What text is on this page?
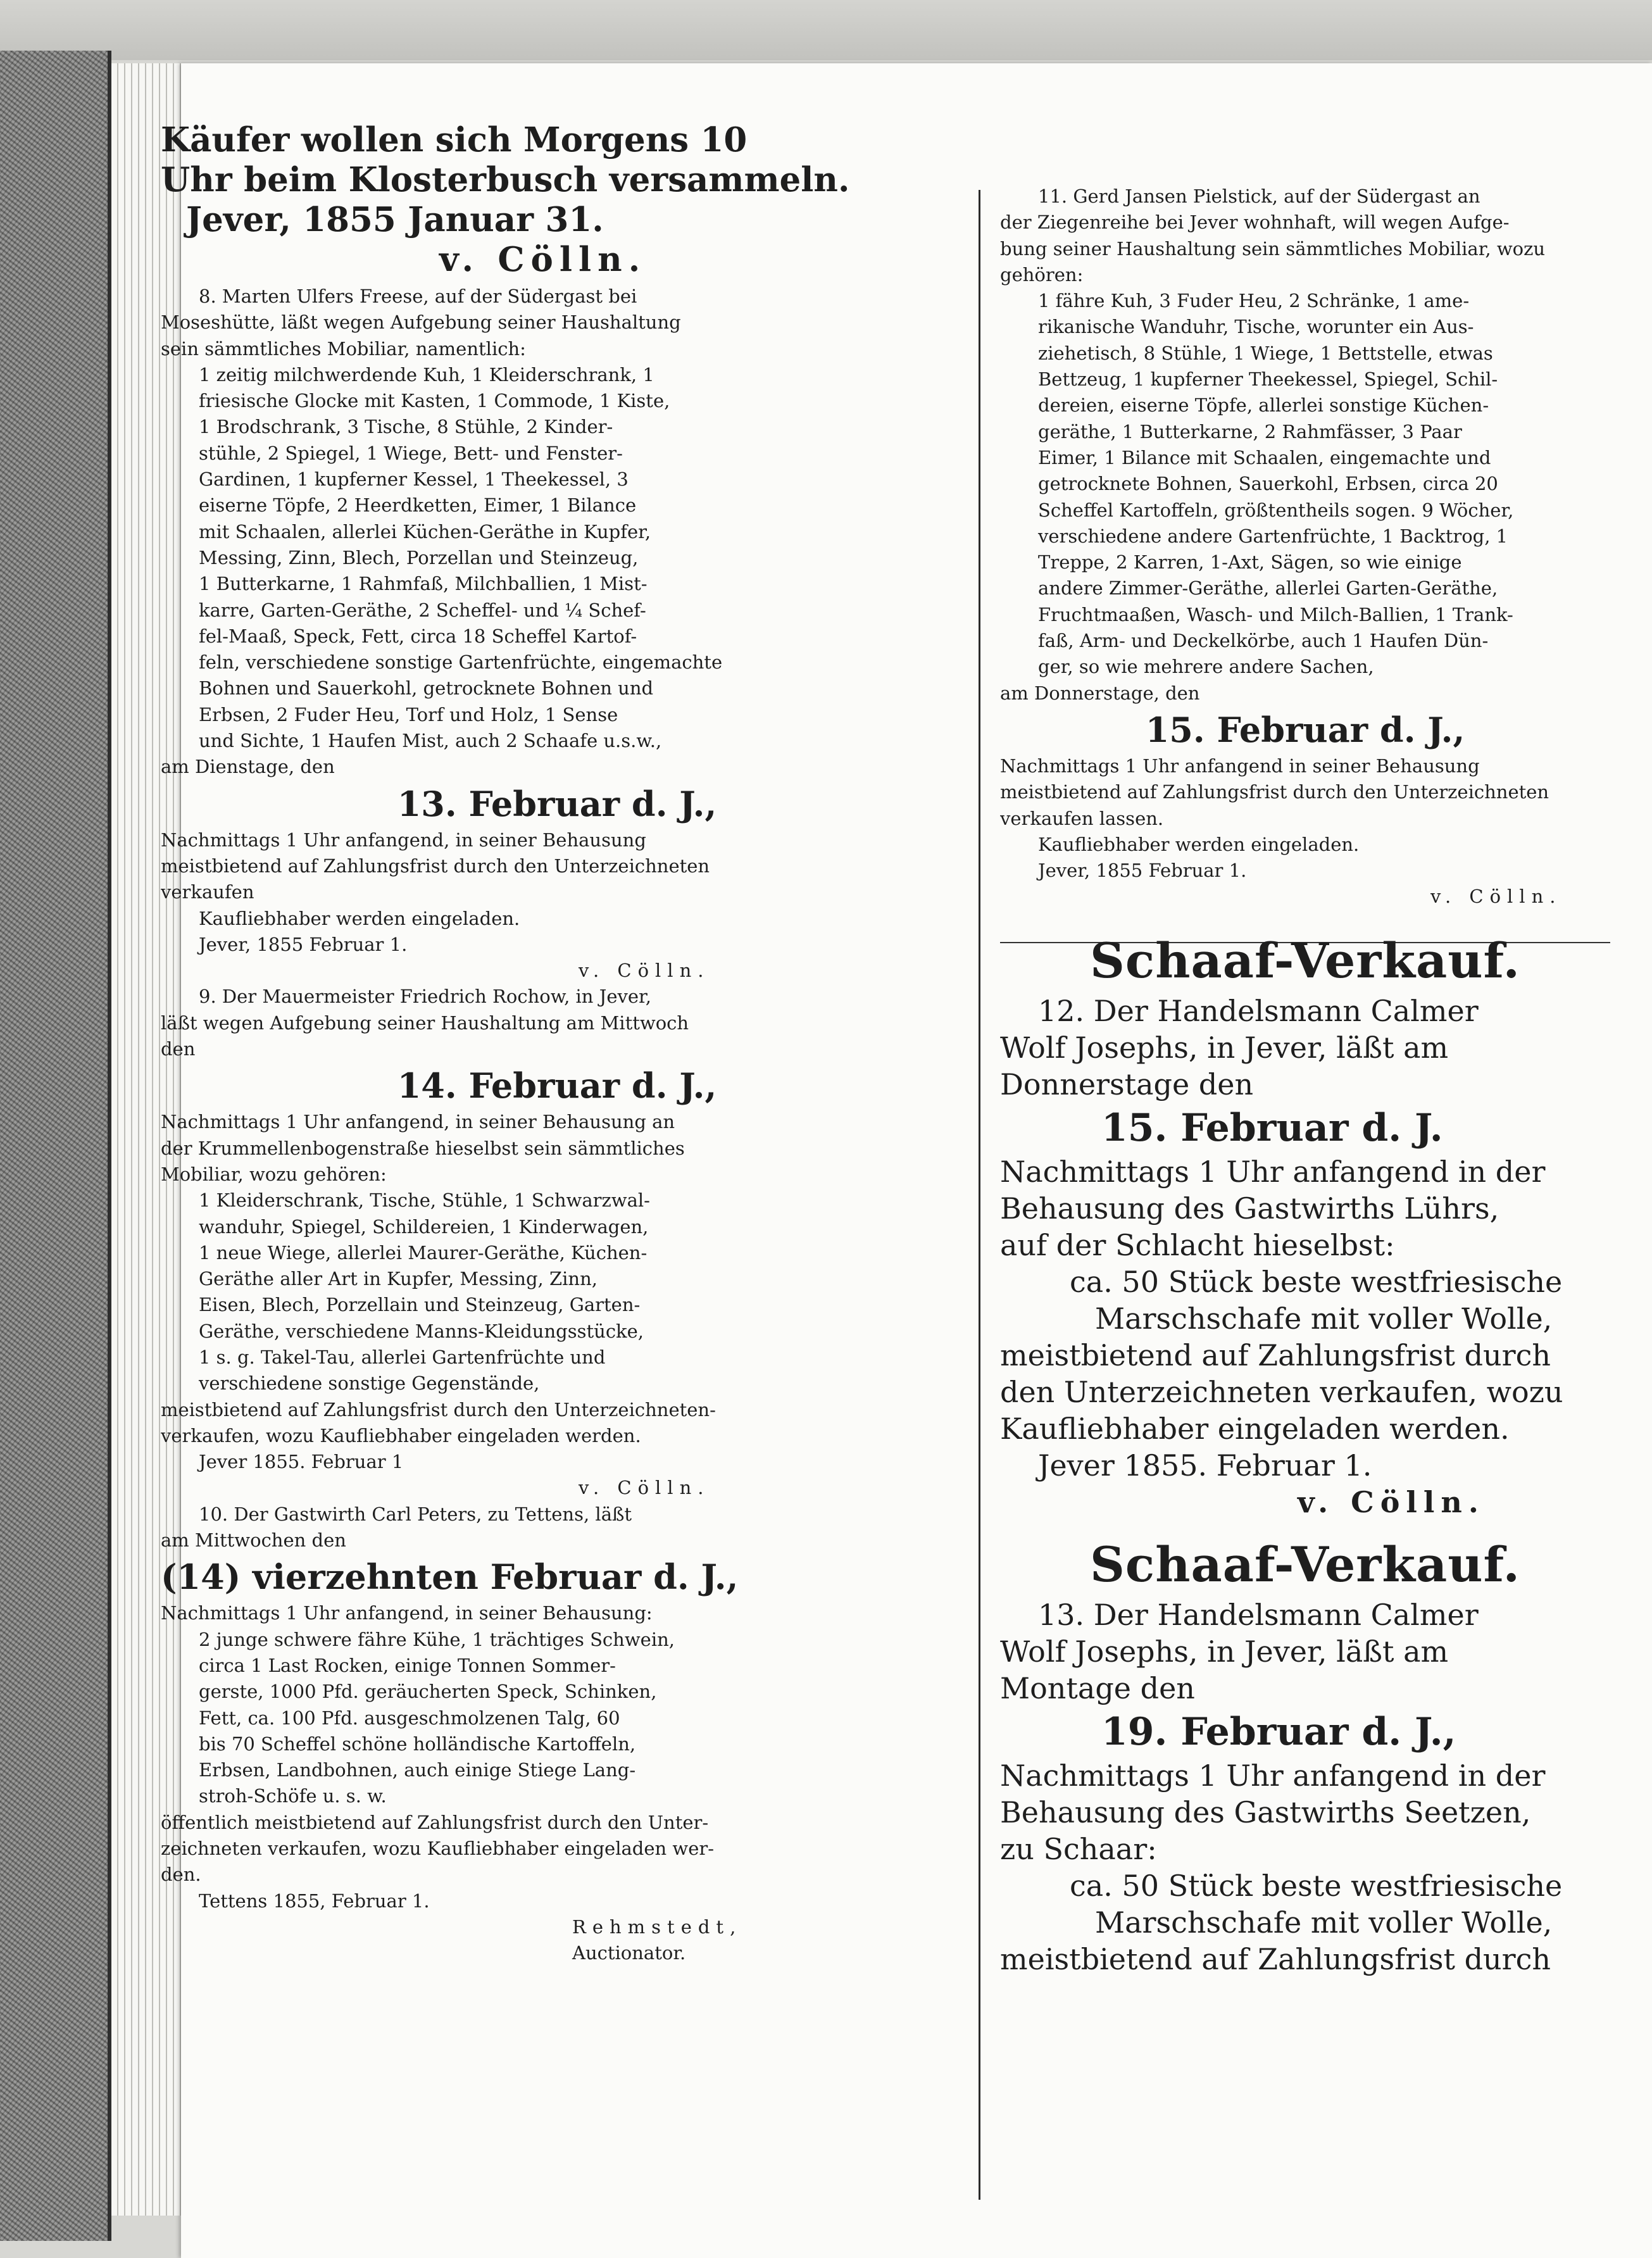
Käufer wollen sich Morgens 10
Uhr beim Klosterbusch versammeln.
Jever, 1855 Januar 31.
v. Cölln.
8. Marten Ulfers Freese, auf der Südergast bei
Moseshütte, läßt wegen Aufgebung seiner Haushaltung
sein sämmtliches Mobiliar, namentlich:
1 zeitig milchwerdende Kuh, 1 Kleiderschrank, 1
friesische Glocke mit Kasten, 1 Commode, 1 Kiste,
1 Brodschrank, 3 Tische, 8 Stühle, 2 Kinder-
stühle, 2 Spiegel, 1 Wiege, Bett- und Fenster-
Gardinen, 1 kupferner Kessel, 1 Theekessel, 3
eiserne Töpfe, 2 Heerdketten, Eimer, 1 Bilance
mit Schaalen, allerlei Küchen-Geräthe in Kupfer,
Messing, Zinn, Blech, Porzellan und Steinzeug,
1 Butterkarne, 1 Rahmfaß, Milchballien, 1 Mist-
karre, Garten-Geräthe, 2 Scheffel- und ¼ Schef-
fel-Maaß, Speck, Fett, circa 18 Scheffel Kartof-
feln, verschiedene sonstige Gartenfrüchte, eingemachte
Bohnen und Sauerkohl, getrocknete Bohnen und
Erbsen, 2 Fuder Heu, Torf und Holz, 1 Sense
und Sichte, 1 Haufen Mist, auch 2 Schaafe u.s.w.,
am Dienstage, den
13. Februar d. J.,
Nachmittags 1 Uhr anfangend, in seiner Behausung
meistbietend auf Zahlungsfrist durch den Unterzeichneten
verkaufen
Kaufliebhaber werden eingeladen.
Jever, 1855 Februar 1.
v. Cölln.
9. Der Mauermeister Friedrich Rochow, in Jever,
läßt wegen Aufgebung seiner Haushaltung am Mittwoch
den
14. Februar d. J.,
Nachmittags 1 Uhr anfangend, in seiner Behausung an
der Krummellenbogenstraße hieselbst sein sämmtliches
Mobiliar, wozu gehören:
1 Kleiderschrank, Tische, Stühle, 1 Schwarzwal-
wanduhr, Spiegel, Schildereien, 1 Kinderwagen,
1 neue Wiege, allerlei Maurer-Geräthe, Küchen-
Geräthe aller Art in Kupfer, Messing, Zinn,
Eisen, Blech, Porzellain und Steinzeug, Garten-
Geräthe, verschiedene Manns-Kleidungsstücke,
1 s. g. Takel-Tau, allerlei Gartenfrüchte und
verschiedene sonstige Gegenstände,
meistbietend auf Zahlungsfrist durch den Unterzeichneten-
verkaufen, wozu Kaufliebhaber eingeladen werden.
Jever 1855. Februar 1
v. Cölln.
10. Der Gastwirth Carl Peters, zu Tettens, läßt
am Mittwochen den
(14) vierzehnten Februar d. J.,
Nachmittags 1 Uhr anfangend, in seiner Behausung:
2 junge schwere fähre Kühe, 1 trächtiges Schwein,
circa 1 Last Rocken, einige Tonnen Sommer-
gerste, 1000 Pfd. geräucherten Speck, Schinken,
Fett, ca. 100 Pfd. ausgeschmolzenen Talg, 60
bis 70 Scheffel schöne holländische Kartoffeln,
Erbsen, Landbohnen, auch einige Stiege Lang-
stroh-Schöfe u. s. w.
öffentlich meistbietend auf Zahlungsfrist durch den Unter-
zeichneten verkaufen, wozu Kaufliebhaber eingeladen wer-
den.
Tettens 1855, Februar 1.
Rehmstedt,
Auctionator.
11. Gerd Jansen Pielstick, auf der Südergast an
der Ziegenreihe bei Jever wohnhaft, will wegen Aufge-
bung seiner Haushaltung sein sämmtliches Mobiliar, wozu
gehören:
1 fähre Kuh, 3 Fuder Heu, 2 Schränke, 1 ame-
rikanische Wanduhr, Tische, worunter ein Aus-
ziehetisch, 8 Stühle, 1 Wiege, 1 Bettstelle, etwas
Bettzeug, 1 kupferner Theekessel, Spiegel, Schil-
dereien, eiserne Töpfe, allerlei sonstige Küchen-
geräthe, 1 Butterkarne, 2 Rahmfässer, 3 Paar
Eimer, 1 Bilance mit Schaalen, eingemachte und
getrocknete Bohnen, Sauerkohl, Erbsen, circa 20
Scheffel Kartoffeln, größtentheils sogen. 9 Wöcher,
verschiedene andere Gartenfrüchte, 1 Backtrog, 1
Treppe, 2 Karren, 1-Axt, Sägen, so wie einige
andere Zimmer-Geräthe, allerlei Garten-Geräthe,
Fruchtmaaßen, Wasch- und Milch-Ballien, 1 Trank-
faß, Arm- und Deckelkörbe, auch 1 Haufen Dün-
ger, so wie mehrere andere Sachen,
am Donnerstage, den
15. Februar d. J.,
Nachmittags 1 Uhr anfangend in seiner Behausung
meistbietend auf Zahlungsfrist durch den Unterzeichneten
verkaufen lassen.
Kaufliebhaber werden eingeladen.
Jever, 1855 Februar 1.
v. Cölln.
Schaaf-Verkauf.
12. Der Handelsmann Calmer
Wolf Josephs, in Jever, läßt am
Donnerstage den
15. Februar d. J.
Nachmittags 1 Uhr anfangend in der
Behausung des Gastwirths Lührs,
auf der Schlacht hieselbst:
ca. 50 Stück beste westfriesische
Marschschafe mit voller Wolle,
meistbietend auf Zahlungsfrist durch
den Unterzeichneten verkaufen, wozu
Kaufliebhaber eingeladen werden.
Jever 1855. Februar 1.
v. Cölln.
Schaaf-Verkauf.
13. Der Handelsmann Calmer
Wolf Josephs, in Jever, läßt am
Montage den
19. Februar d. J.,
Nachmittags 1 Uhr anfangend in der
Behausung des Gastwirths Seetzen,
zu Schaar:
ca. 50 Stück beste westfriesische
Marschschafe mit voller Wolle,
meistbietend auf Zahlungsfrist durch
